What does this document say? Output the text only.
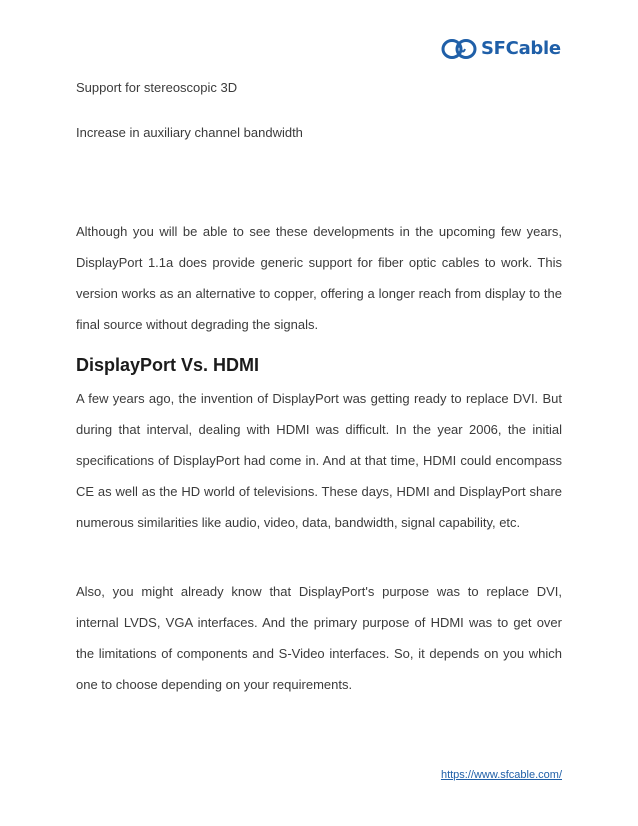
SFCable

Support for stereoscopic 3D

Increase in auxiliary channel bandwidth

Although you will be able to see these developments in the upcoming few years, DisplayPort 1.1a does provide generic support for fiber optic cables to work. This version works as an alternative to copper, offering a longer reach from display to the final source without degrading the signals.

DisplayPort Vs. HDMI

A few years ago, the invention of DisplayPort was getting ready to replace DVI. But during that interval, dealing with HDMI was difficult. In the year 2006, the initial specifications of DisplayPort had come in. And at that time, HDMI could encompass CE as well as the HD world of televisions. These days, HDMI and DisplayPort share numerous similarities like audio, video, data, bandwidth, signal capability, etc.

Also, you might already know that DisplayPort's purpose was to replace DVI, internal LVDS, VGA interfaces. And the primary purpose of HDMI was to get over the limitations of components and S-Video interfaces. So, it depends on you which one to choose depending on your requirements.

https://www.sfcable.com/
